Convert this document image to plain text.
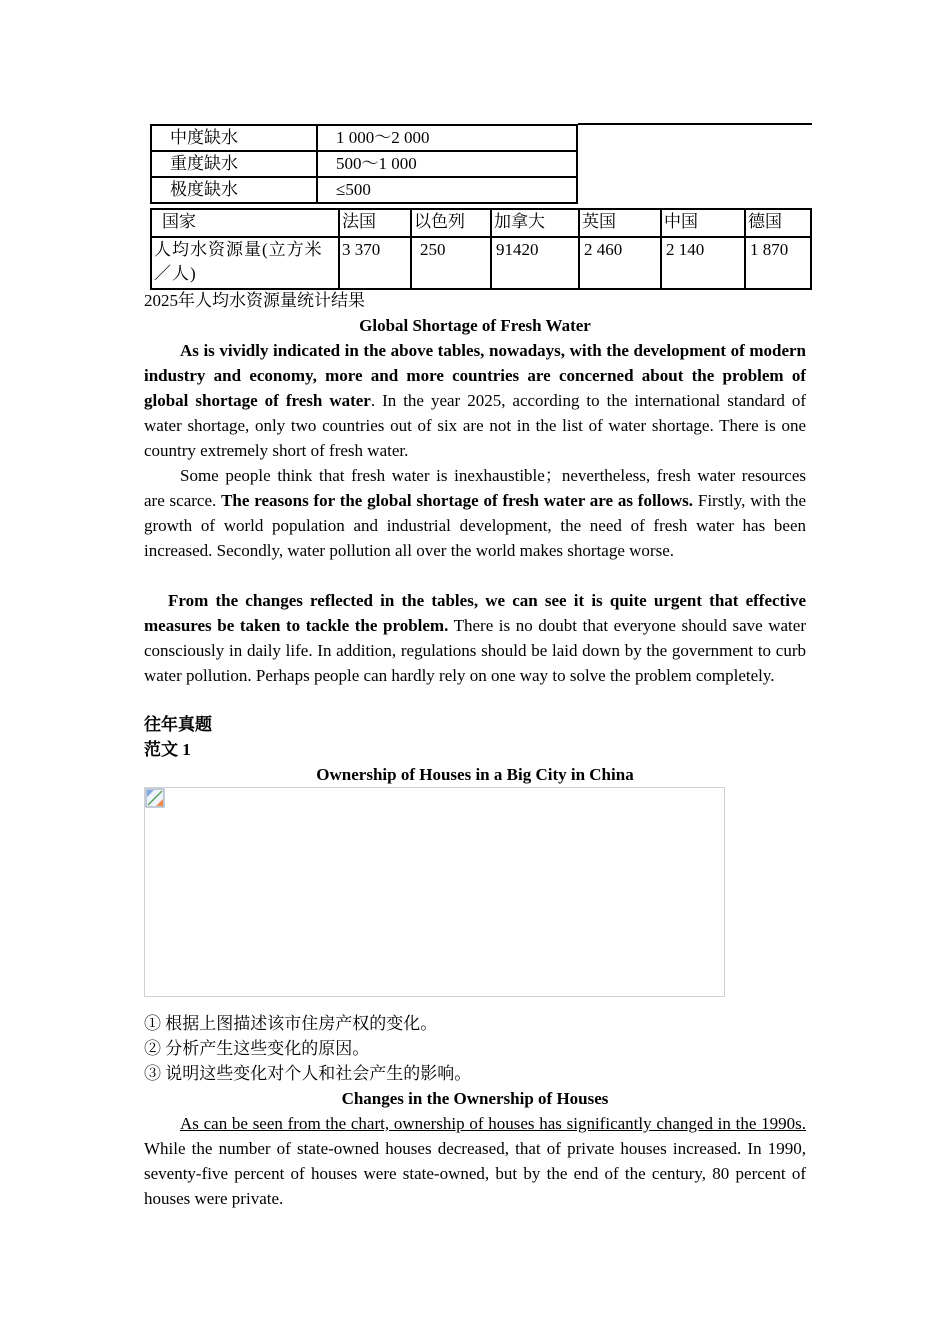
中度缺水	1 000～2 000
重度缺水	500～1 000
极度缺水	≤500
国家	法国	以色列	加拿大	英国	中国	德国
人均水资源量(立方米／人)	3 370	250	91420	2 460	2 140	1 870
2025年人均水资源量统计结果
Global Shortage of Fresh Water
As is vividly indicated in the above tables, nowadays, with the development of modern industry and economy, more and more countries are concerned about the problem of global shortage of fresh water. In the year 2025, according to the international standard of water shortage, only two countries out of six are not in the list of water shortage. There is one country extremely short of fresh water.
Some people think that fresh water is inexhaustible；nevertheless, fresh water resources are scarce. The reasons for the global shortage of fresh water are as follows. Firstly, with the growth of world population and industrial development, the need of fresh water has been increased. Secondly, water pollution all over the world makes shortage worse.
From the changes reflected in the tables, we can see it is quite urgent that effective measures be taken to tackle the problem. There is no doubt that everyone should save water consciously in daily life. In addition, regulations should be laid down by the government to curb water pollution. Perhaps people can hardly rely on one way to solve the problem completely.
往年真题
范文 1
Ownership of Houses in a Big City in China
① 根据上图描述该市住房产权的变化。
② 分析产生这些变化的原因。
③ 说明这些变化对个人和社会产生的影响。
Changes in the Ownership of Houses
As can be seen from the chart, ownership of houses has significantly changed in the 1990s. While the number of state-owned houses decreased, that of private houses increased. In 1990, seventy-five percent of houses were state-owned, but by the end of the century, 80 percent of houses were private.
